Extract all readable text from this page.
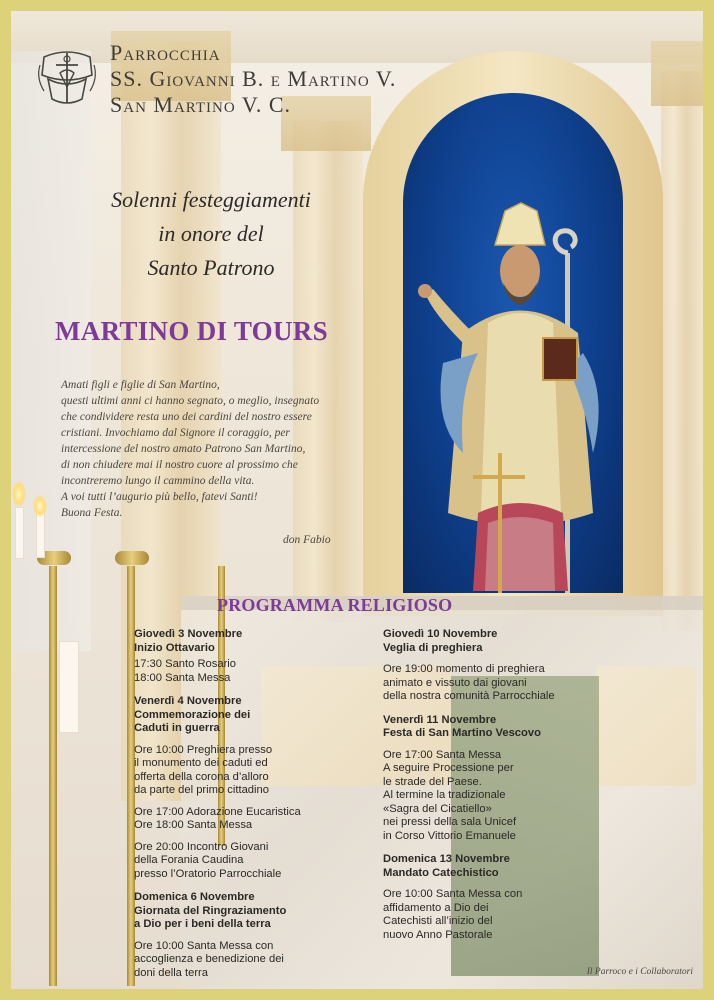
Parrocchia
SS. Giovanni B. e Martino V.
San Martino V. C.
Solenni festeggiamenti
in onore del
Santo Patrono
MARTINO DI TOURS
Amati figli e figlie di San Martino,
questi ultimi anni ci hanno segnato, o meglio, insegnato
che condividere resta uno dei cardini del nostro essere
cristiani. Invochiamo dal Signore il coraggio, per
intercessione del nostro amato Patrono San Martino,
di non chiudere mai il nostro cuore al prossimo che
incontreremo lungo il cammino della vita.
A voi tutti l’augurio più bello, fatevi Santi!
Buona Festa.
don Fabio
PROGRAMMA RELIGIOSO
Giovedì 3 Novembre
Inizio Ottavario
17:30 Santo Rosario
18:00 Santa Messa
Venerdì 4 Novembre
Commemorazione dei
Caduti in guerra
Ore 10:00 Preghiera presso
il monumento dei caduti ed
offerta della corona d’alloro
da parte del primo cittadino
Ore 17:00 Adorazione Eucaristica
Ore 18:00 Santa Messa
Ore 20:00 Incontro Giovani
della Forania Caudina
presso l’Oratorio Parrocchiale
Domenica 6 Novembre
Giornata del Ringraziamento
a Dio per i beni della terra
Ore 10:00 Santa Messa con
accoglienza e benedizione dei
doni della terra
Giovedì 10 Novembre
Veglia di preghiera
Ore 19:00 momento di preghiera
animato e vissuto dai giovani
della nostra comunità Parrocchiale
Venerdì 11 Novembre
Festa di San Martino Vescovo
Ore 17:00 Santa Messa
A seguire Processione per
le strade del Paese.
Al termine la tradizionale
«Sagra del Cicatiello»
nei pressi della sala Unicef
in Corso Vittorio Emanuele
Domenica 13 Novembre
Mandato Catechistico
Ore 10:00 Santa Messa con
affidamento a Dio dei
Catechisti all’inizio del
nuovo Anno Pastorale
Il Parroco e i Collaboratori
